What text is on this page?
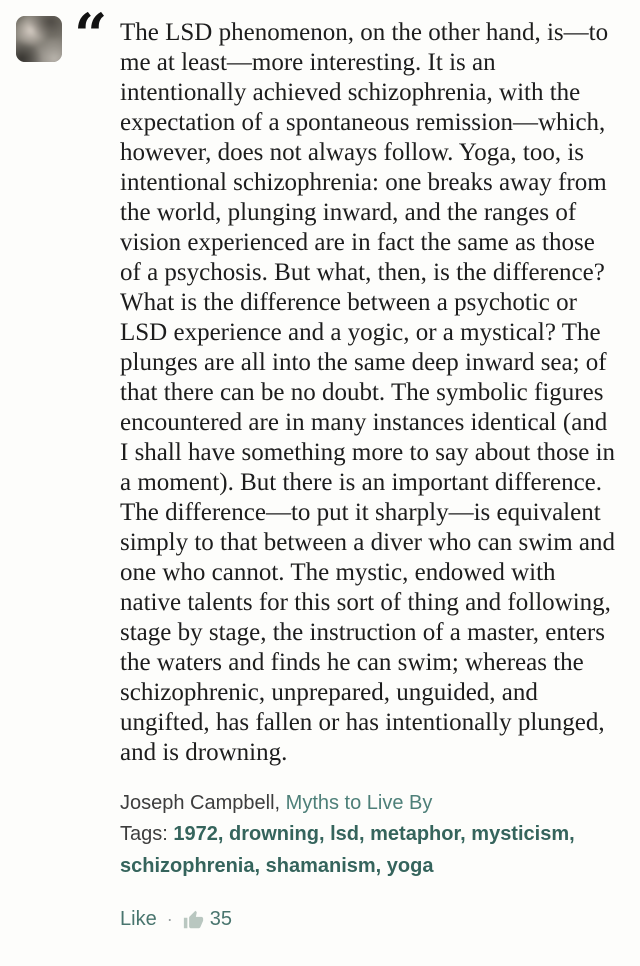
“ The LSD phenomenon, on the other hand, is—to me at least—more interesting. It is an intentionally achieved schizophrenia, with the expectation of a spontaneous remission—which, however, does not always follow. Yoga, too, is intentional schizophrenia: one breaks away from the world, plunging inward, and the ranges of vision experienced are in fact the same as those of a psychosis. But what, then, is the difference? What is the difference between a psychotic or LSD experience and a yogic, or a mystical? The plunges are all into the same deep inward sea; of that there can be no doubt. The symbolic figures encountered are in many instances identical (and I shall have something more to say about those in a moment). But there is an important difference. The difference—to put it sharply—is equivalent simply to that between a diver who can swim and one who cannot. The mystic, endowed with native talents for this sort of thing and following, stage by stage, the instruction of a master, enters the waters and finds he can swim; whereas the schizophrenic, unprepared, unguided, and ungifted, has fallen or has intentionally plunged, and is drowning.

Joseph Campbell, Myths to Live By

Tags: 1972, drowning, lsd, metaphor, mysticism, schizophrenia, shamanism, yoga

Like · 35
